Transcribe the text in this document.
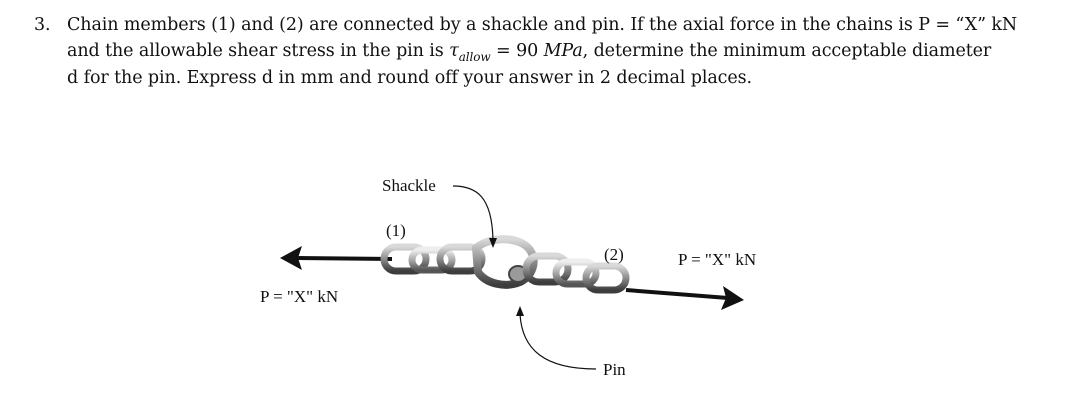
3. Chain members (1) and (2) are connected by a shackle and pin. If the axial force in the chains is P = “X” kN
and the allowable shear stress in the pin is $\tau_{allow} = 90$ MPa, determine the minimum acceptable diameter
d for the pin. Express d in mm and round off your answer in 2 decimal places.
Shackle
(1)
(2)	P = "X" kN
P = "X" kN
Pin
